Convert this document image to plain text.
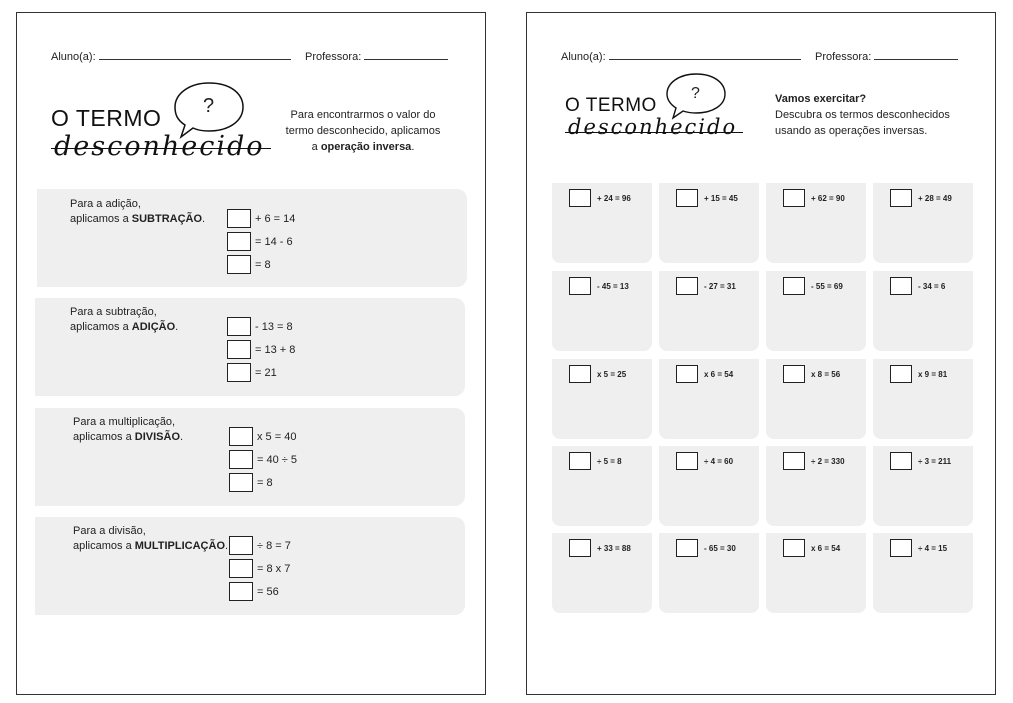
Aluno(a):	Professora:
?
O TERMO
desconhecido
Para encontrarmos o valor do
termo desconhecido, aplicamos
a operação inversa.
Para a adição,
aplicamos a SUBTRAÇÃO.	+ 6 = 14
= 14 - 6
= 8
Para a subtração,
aplicamos a ADIÇÃO.	- 13 = 8
= 13 + 8
= 21
Para a multiplicação,
aplicamos a DIVISÃO.	x 5 = 40
= 40 ÷ 5
= 8
Para a divisão,
aplicamos a MULTIPLICAÇÃO.	÷ 8 = 7
= 8 x 7
= 56
Aluno(a):	Professora:
?
O TERMO
desconhecido
Vamos exercitar?
Descubra os termos desconhecidos
usando as operações inversas.
+ 24 = 96	+ 15 = 45	+ 62 = 90	+ 28 = 49
- 45 = 13	- 27 = 31	- 55 = 69	- 34 = 6
x 5 = 25	x 6 = 54	x 8 = 56	x 9 = 81
÷ 5 = 8	÷ 4 = 60	÷ 2 = 330	÷ 3 = 211
+ 33 = 88	- 65 = 30	x 6 = 54	÷ 4 = 15
